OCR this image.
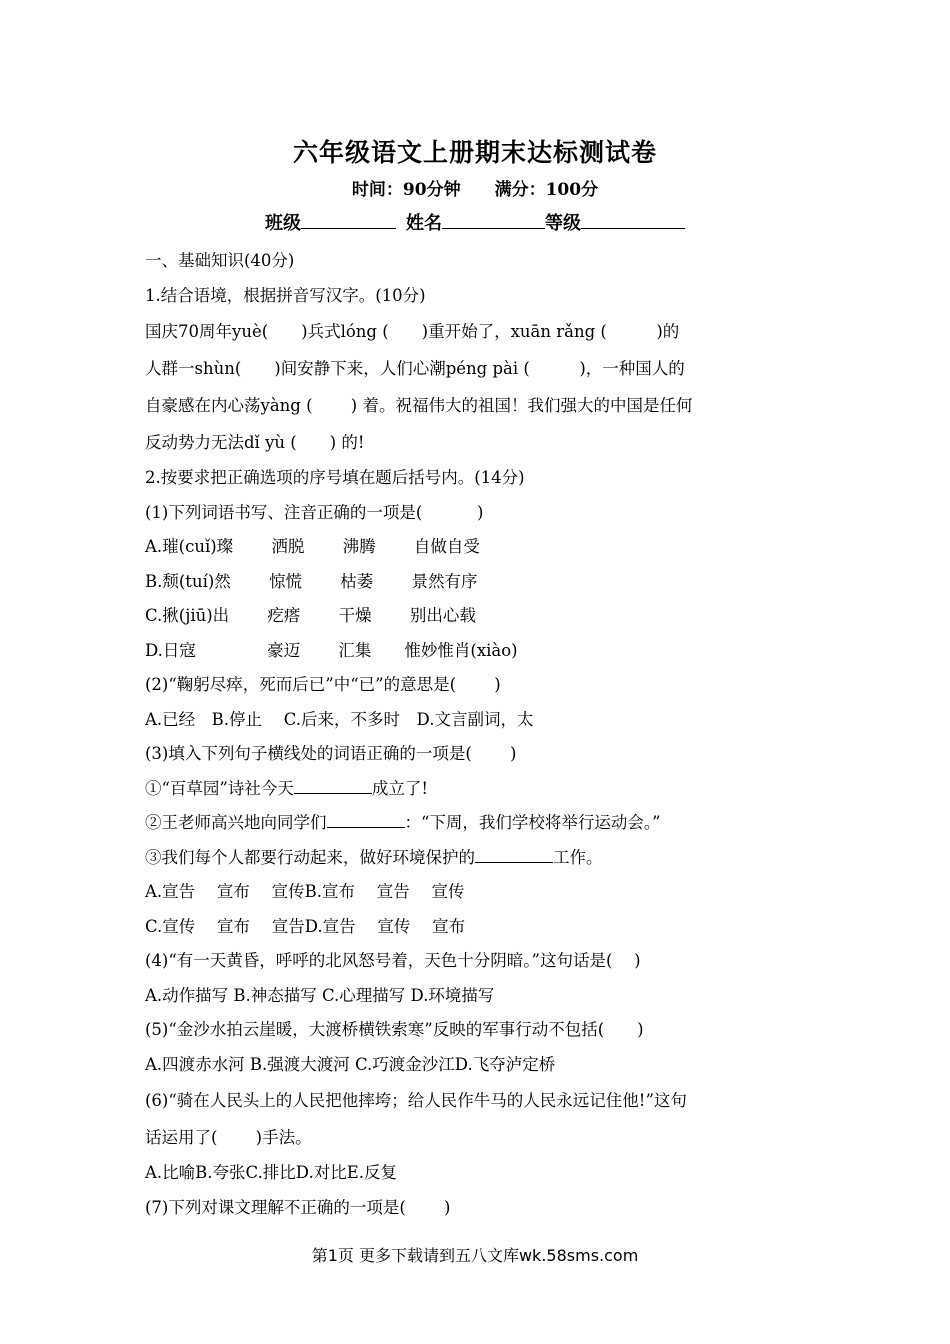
六年级语文上册期末达标测试卷
时间：90分钟 满分：100分
班级	姓名	等级
一、基础知识(40分)
1.结合语境，根据拼音写汉字。(10分)
国庆70周年yuè(　　)兵式lóng (　　)重开始了，xuān rǎng (　　　)的
人群一shùn(　　)间安静下来，人们心潮péng pài (　　　)，一种国人的
自豪感在内心荡yàng (　　 ) 着。祝福伟大的祖国！我们强大的中国是任何
反动势力无法dǐ yù (　　) 的!
2.按要求把正确选项的序号填在题后括号内。(14分)
(1)下列词语书写、注音正确的一项是(　　　 )
A.璀(cuǐ)璨　　 洒脱　　 沸腾　　 自做自受
B.颓(tuí)然　　 惊慌　　 枯萎　　 景然有序
C.揪(jiū)出　　 疙瘩　　 干燥　　 别出心载
D.日寇　　　　 豪迈　　 汇集　　惟妙惟肖(xiào)
(2)“鞠躬尽瘁，死而后已”中“已”的意思是(　　 )
A.已经　B.停止　 C.后来，不多时　D.文言副词，太
(3)填入下列句子横线处的词语正确的一项是(　　 )
①“百草园”诗社今天	成立了!
②王老师高兴地向同学们	：“下周，我们学校将举行运动会。”
③我们每个人都要行动起来，做好环境保护的	工作。
A.宣告　 宣布　 宣传B.宣布　 宣告　 宣传
C.宣传　 宣布　 宣告D.宣告　 宣传　 宣布
(4)“有一天黄昏，呼呼的北风怒号着，天色十分阴暗。”这句话是(　 )
A.动作描写 B.神态描写 C.心理描写 D.环境描写
(5)“金沙水拍云崖暖，大渡桥横铁索寒”反映的军事行动不包括(　　)
A.四渡赤水河 B.强渡大渡河 C.巧渡金沙江D.飞夺泸定桥
(6)“骑在人民头上的人民把他摔垮；给人民作牛马的人民永远记住他!”这句
话运用了(　　 )手法。
A.比喻B.夸张C.排比D.对比E.反复
(7)下列对课文理解不正确的一项是(　　 )
第1页 更多下载请到五八文库wk.58sms.com
